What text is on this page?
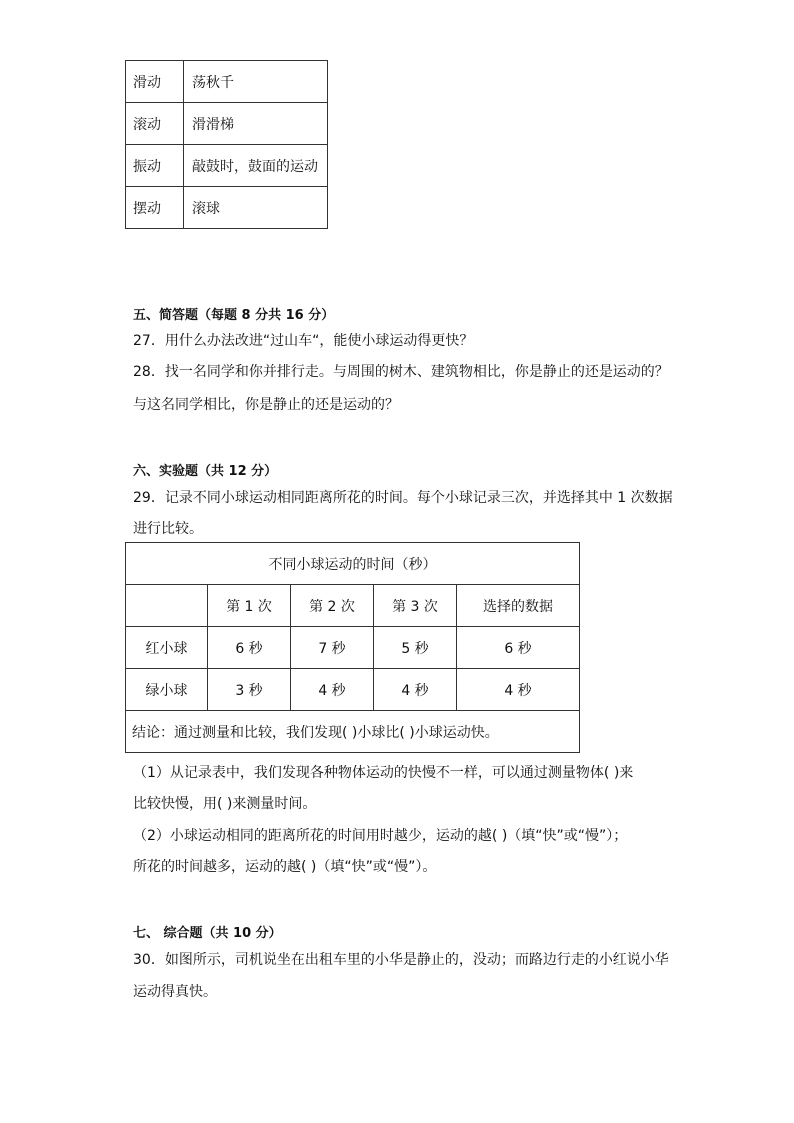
滑动	荡秋千
滚动	滑滑梯
振动	敲鼓时，鼓面的运动
摆动	滚球
五、简答题（每题 8 分共 16 分）
27．用什么办法改进“过山车“，能使小球运动得更快？
28．找一名同学和你并排行走。与周围的树木、建筑物相比，你是静止的还是运动的？
与这名同学相比，你是静止的还是运动的？
六、实验题（共 12 分）
29．记录不同小球运动相同距离所花的时间。每个小球记录三次，并选择其中 1 次数据
进行比较。
不同小球运动的时间（秒）				
	第 1 次	第 2 次	第 3 次	选择的数据
红小球	6 秒	7 秒	5 秒	6 秒
绿小球	3 秒	4 秒	4 秒	4 秒
结论：通过测量和比较，我们发现( )小球比( )小球运动快。				
（1）从记录表中，我们发现各种物体运动的快慢不一样，可以通过测量物体( )来
比较快慢，用( )来测量时间。
（2）小球运动相同的距离所花的时间用时越少，运动的越( )（填“快”或“慢”）；
所花的时间越多，运动的越( )（填“快”或“慢”）。
七、 综合题（共 10 分）
30．如图所示，司机说坐在出租车里的小华是静止的，没动；而路边行走的小红说小华
运动得真快。
